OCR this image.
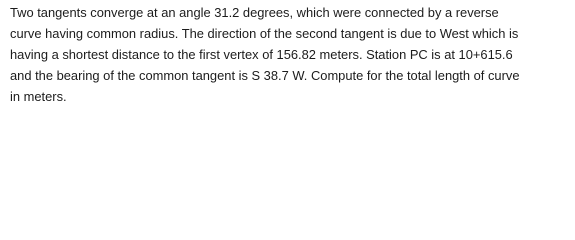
Two tangents converge at an angle 31.2 degrees, which were connected by a reverse
curve having common radius. The direction of the second tangent is due to West which is
having a shortest distance to the first vertex of 156.82 meters. Station PC is at 10+615.6
and the bearing of the common tangent is S 38.7 W. Compute for the total length of curve
in meters.
